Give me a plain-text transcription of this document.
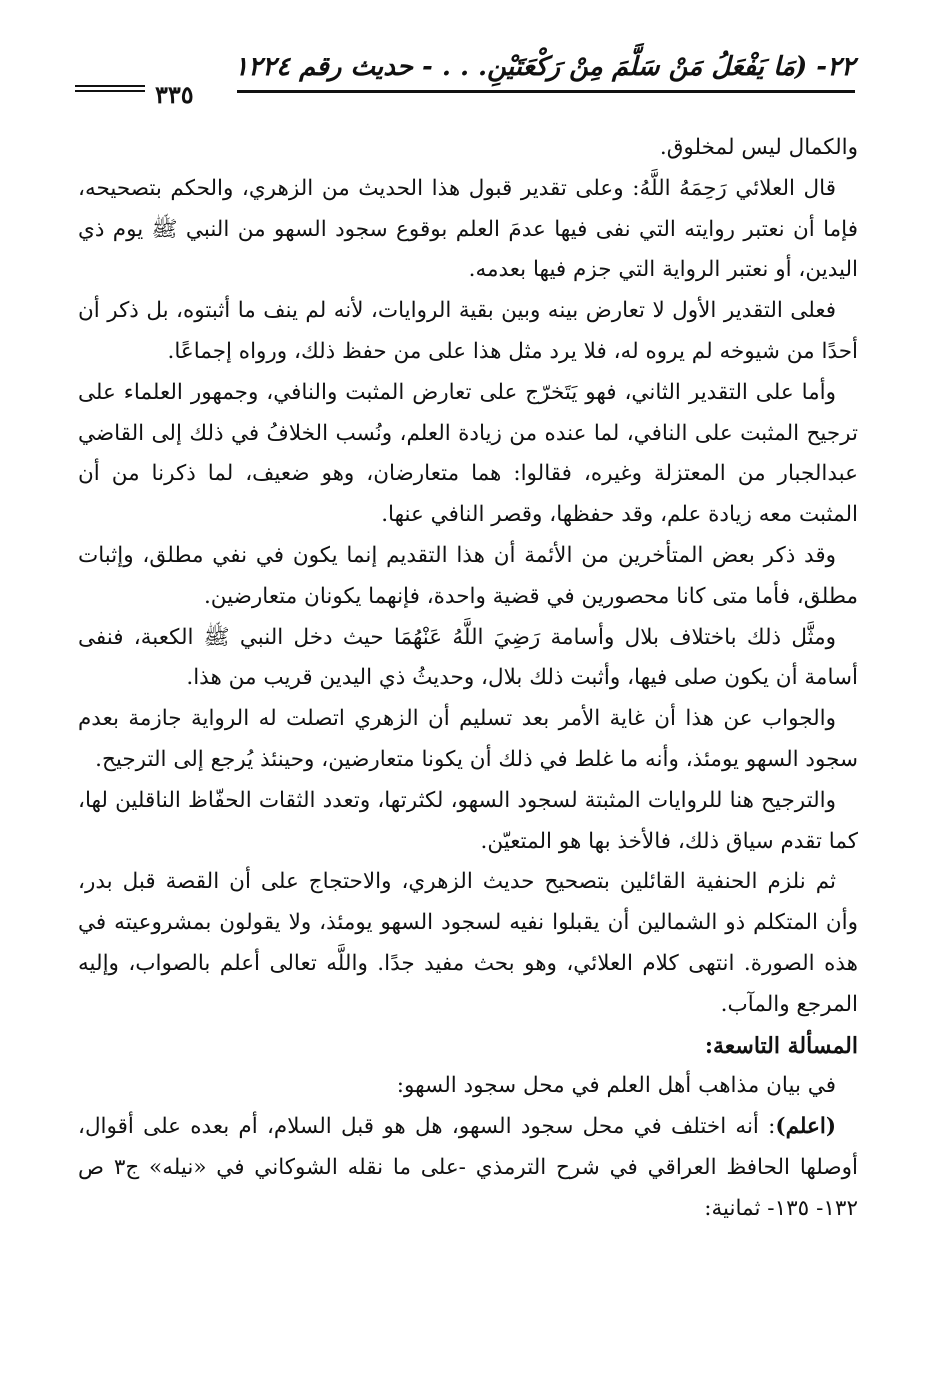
٢٢- (مَا يَفْعَلُ مَنْ سَلَّمَ مِنْ رَكْعَتَيْنِ. . . - حديث رقم ١٢٢٤
٣٣٥

والكمال ليس لمخلوق.

قال العلائي رَحِمَهُ اللَّهُ: وعلى تقدير قبول هذا الحديث من الزهري، والحكم بتصحيحه، فإما أن نعتبر روايته التي نفى فيها عدمَ العلم بوقوع سجود السهو من النبي ﷺ يوم ذي اليدين، أو نعتبر الرواية التي جزم فيها بعدمه.

فعلى التقدير الأول لا تعارض بينه وبين بقية الروايات، لأنه لم ينف ما أثبتوه، بل ذكر أن أحدًا من شيوخه لم يروه له، فلا يرد مثل هذا على من حفظ ذلك، ورواه إجماعًا.

وأما على التقدير الثاني، فهو يَتَخرّج على تعارض المثبت والنافي، وجمهور العلماء على ترجيح المثبت على النافي، لما عنده من زيادة العلم، ونُسب الخلافُ في ذلك إلى القاضي عبدالجبار من المعتزلة وغيره، فقالوا: هما متعارضان، وهو ضعيف، لما ذكرنا من أن المثبت معه زيادة علم، وقد حفظها، وقصر النافي عنها.

وقد ذكر بعض المتأخرين من الأئمة أن هذا التقديم إنما يكون في نفي مطلق، وإثبات مطلق، فأما متى كانا محصورين في قضية واحدة، فإنهما يكونان متعارضين.

ومثَّل ذلك باختلاف بلال وأسامة رَضِيَ اللَّهُ عَنْهُمَا حيث دخل النبي ﷺ الكعبة، فنفى أسامة أن يكون صلى فيها، وأثبت ذلك بلال، وحديثُ ذي اليدين قريب من هذا.

والجواب عن هذا أن غاية الأمر بعد تسليم أن الزهري اتصلت له الرواية جازمة بعدم سجود السهو يومئذ، وأنه ما غلط في ذلك أن يكونا متعارضين، وحينئذ يُرجع إلى الترجيح.

والترجيح هنا للروايات المثبتة لسجود السهو، لكثرتها، وتعدد الثقات الحفّاظ الناقلين لها، كما تقدم سياق ذلك، فالأخذ بها هو المتعيّن.

ثم نلزم الحنفية القائلين بتصحيح حديث الزهري، والاحتجاج على أن القصة قبل بدر، وأن المتكلم ذو الشمالين أن يقبلوا نفيه لسجود السهو يومئذ، ولا يقولون بمشروعيته في هذه الصورة. انتهى كلام العلائي، وهو بحث مفيد جدًا. واللَّه تعالى أعلم بالصواب، وإليه المرجع والمآب.

المسألة التاسعة:

في بيان مذاهب أهل العلم في محل سجود السهو:

(اعلم): أنه اختلف في محل سجود السهو، هل هو قبل السلام، أم بعده على أقوال، أوصلها الحافظ العراقي في شرح الترمذي -على ما نقله الشوكاني في «نيله» ج٣ ص ١٣٢- ١٣٥- ثمانية:
